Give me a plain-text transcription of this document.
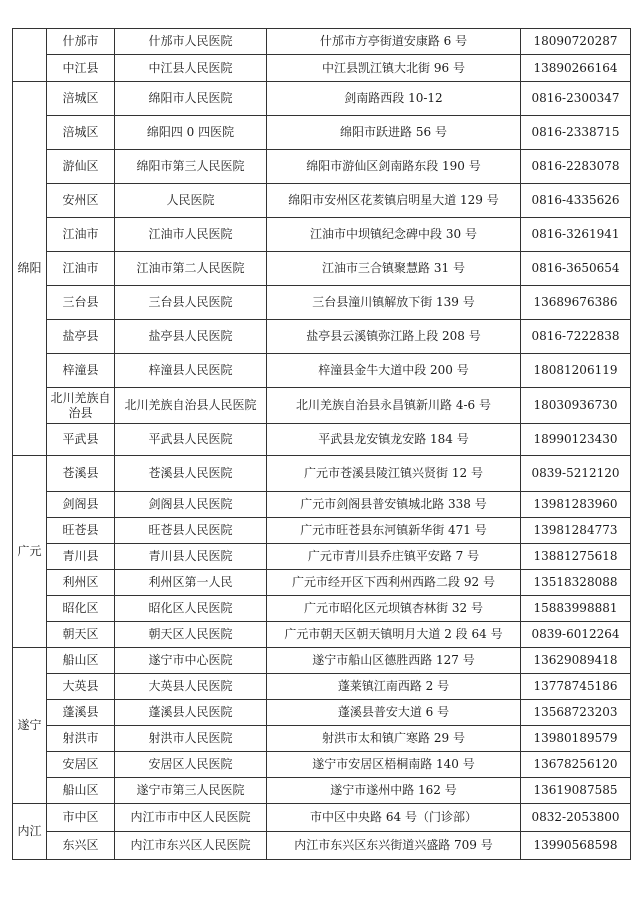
	什邡市	什邡市人民医院	什邡市方亭街道安康路 6 号	18090720287
	中江县	中江县人民医院	中江县凯江镇大北街 96 号	13890266164
绵阳	涪城区	绵阳市人民医院	剑南路西段 10-12	0816-2300347
	涪城区	绵阳四 0 四医院	绵阳市跃进路 56 号	0816-2338715
	游仙区	绵阳市第三人民医院	绵阳市游仙区剑南路东段 190 号	0816-2283078
	安州区	人民医院	绵阳市安州区花荄镇启明星大道 129 号	0816-4335626
	江油市	江油市人民医院	江油市中坝镇纪念碑中段 30 号	0816-3261941
	江油市	江油市第二人民医院	江油市三合镇聚慧路 31 号	0816-3650654
	三台县	三台县人民医院	三台县潼川镇解放下街 139 号	13689676386
	盐亭县	盐亭县人民医院	盐亭县云溪镇弥江路上段 208 号	0816-7222838
	梓潼县	梓潼县人民医院	梓潼县金牛大道中段 200 号	18081206119
	北川羌族自治县	北川羌族自治县人民医院	北川羌族自治县永昌镇新川路 4-6 号	18030936730
	平武县	平武县人民医院	平武县龙安镇龙安路 184 号	18990123430
广元	苍溪县	苍溪县人民医院	广元市苍溪县陵江镇兴贤街 12 号	0839-5212120
	剑阁县	剑阁县人民医院	广元市剑阁县普安镇城北路 338 号	13981283960
	旺苍县	旺苍县人民医院	广元市旺苍县东河镇新华街 471 号	13981284773
	青川县	青川县人民医院	广元市青川县乔庄镇平安路 7 号	13881275618
	利州区	利州区第一人民	广元市经开区下西利州西路二段 92 号	13518328088
	昭化区	昭化区人民医院	广元市昭化区元坝镇杏林街 32 号	15883998881
	朝天区	朝天区人民医院	广元市朝天区朝天镇明月大道 2 段 64 号	0839-6012264
遂宁	船山区	遂宁市中心医院	遂宁市船山区德胜西路 127 号	13629089418
	大英县	大英县人民医院	蓬莱镇江南西路 2 号	13778745186
	蓬溪县	蓬溪县人民医院	蓬溪县普安大道 6 号	13568723203
	射洪市	射洪市人民医院	射洪市太和镇广寒路 29 号	13980189579
	安居区	安居区人民医院	遂宁市安居区梧桐南路 140 号	13678256120
	船山区	遂宁市第三人民医院	遂宁市遂州中路 162 号	13619087585
内江	市中区	内江市市中区人民医院	市中区中央路 64 号（门诊部）	0832-2053800
	东兴区	内江市东兴区人民医院	内江市东兴区东兴街道兴盛路 709 号	13990568598
